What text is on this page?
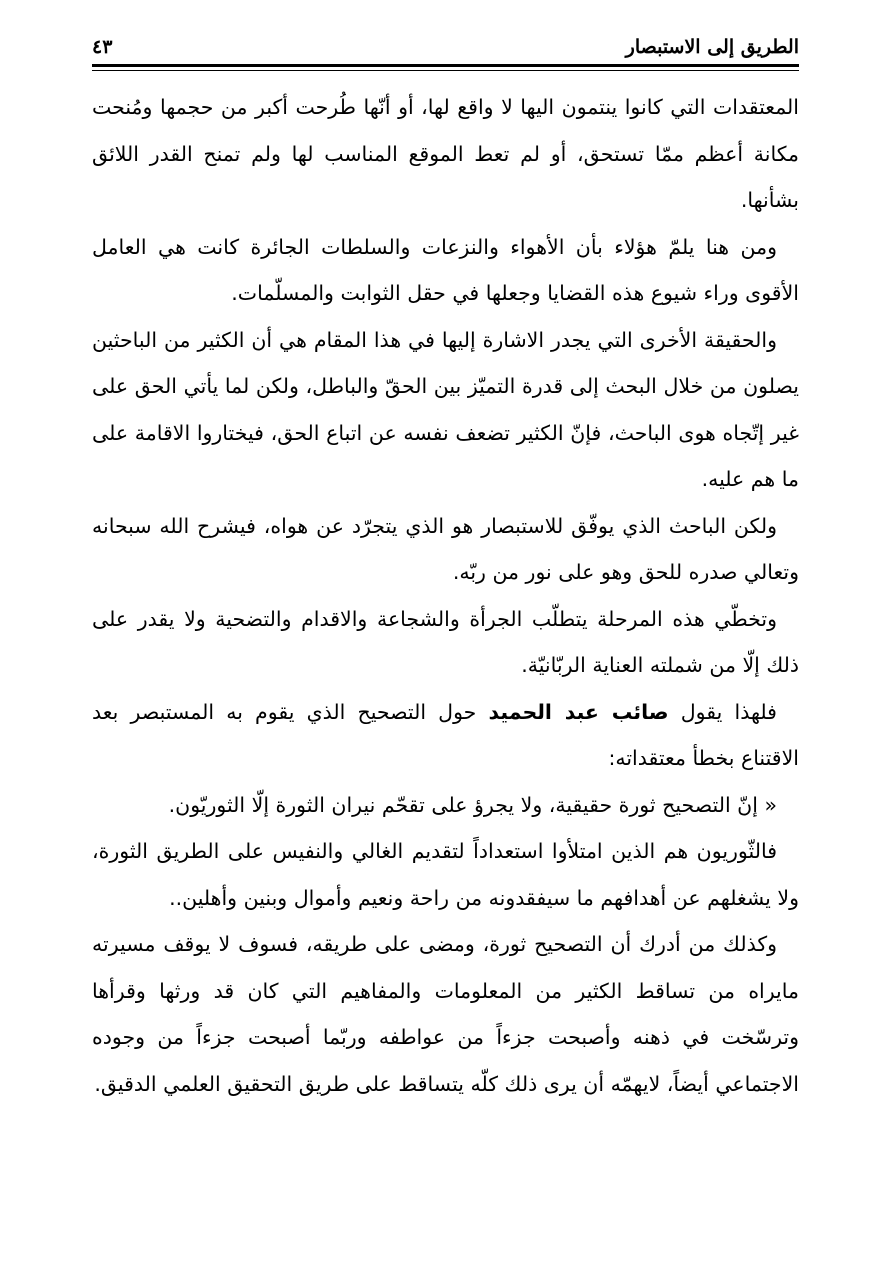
الطريق إلى الاستبصار
٤٣

المعتقدات التي كانوا ينتمون اليها لا واقع لها، أو أنّها طُرحت أكبر من حجمها ومُنحت مكانة أعظم ممّا تستحق، أو لم تعط الموقع المناسب لها ولم تمنح القدر اللائق بشأنها.

ومن هنا يلمّ هؤلاء بأن الأهواء والنزعات والسلطات الجائرة كانت هي العامل الأقوى وراء شيوع هذه القضايا وجعلها في حقل الثوابت والمسلّمات.

والحقيقة الأخرى التي يجدر الاشارة إليها في هذا المقام هي أن الكثير من الباحثين يصلون من خلال البحث إلى قدرة التميّز بين الحقّ والباطل، ولكن لما يأتي الحق على غير إتّجاه هوى الباحث، فإنّ الكثير تضعف نفسه عن اتباع الحق، فيختاروا الاقامة على ما هم عليه.

ولكن الباحث الذي يوفّق للاستبصار هو الذي يتجرّد عن هواه، فيشرح الله سبحانه وتعالي صدره للحق وهو على نور من ربّه.

وتخطّي هذه المرحلة يتطلّب الجرأة والشجاعة والاقدام والتضحية ولا يقدر على ذلك إلّا من شملته العناية الربّانيّة.

فلهذا يقول صائب عبد الحميد حول التصحيح الذي يقوم به المستبصر بعد الاقتناع بخطأ معتقداته:

« إنّ التصحيح ثورة حقيقية، ولا يجرؤ على تقحّم نيران الثورة إلّا الثوريّون.

فالثّوريون هم الذين امتلأوا استعداداً لتقديم الغالي والنفيس على الطريق الثورة، ولا يشغلهم عن أهدافهم ما سيفقدونه من راحة ونعيم وأموال وبنين وأهلين..

وكذلك من أدرك أن التصحيح ثورة، ومضى على طريقه، فسوف لا يوقف مسيرته مايراه من تساقط الكثير من المعلومات والمفاهيم التي كان قد ورثها وقرأها وترسّخت في ذهنه وأصبحت جزءاً من عواطفه وربّما أصبحت جزءاً من وجوده الاجتماعي أيضاً، لايهمّه أن يرى ذلك كلّه يتساقط على طريق التحقيق العلمي الدقيق.
